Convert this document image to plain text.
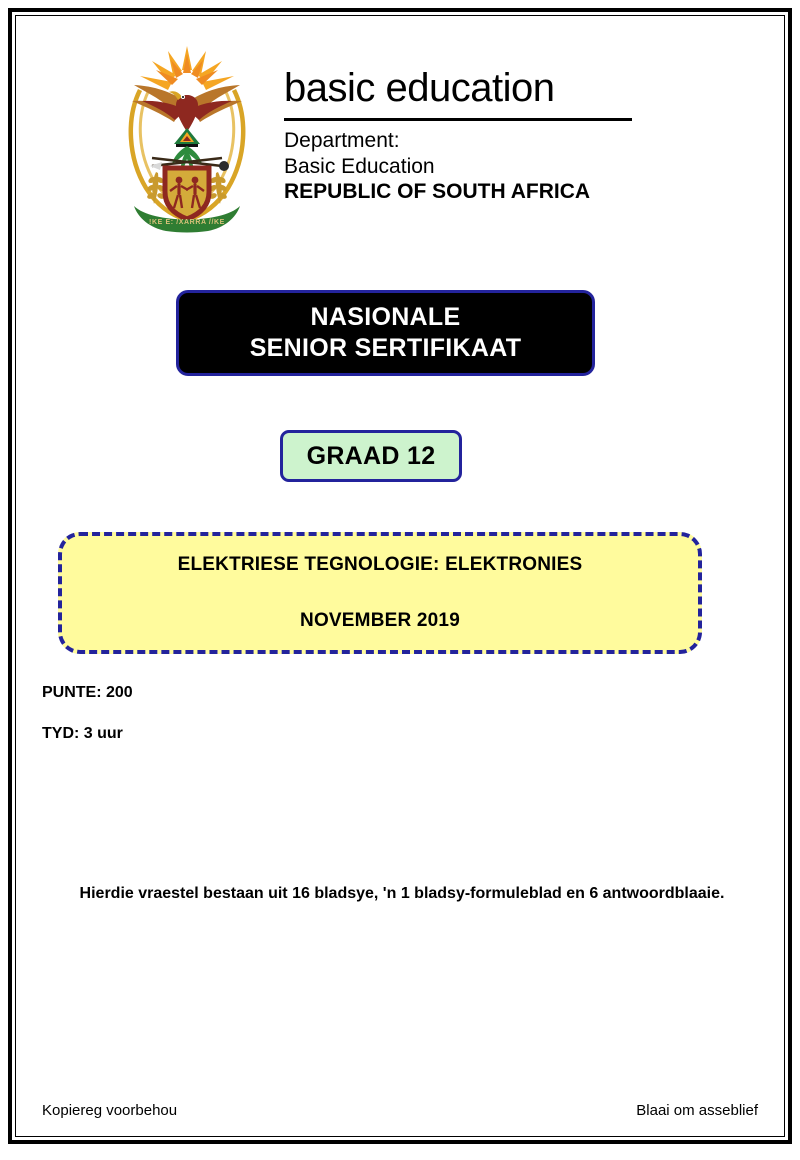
!KE E: /XARRA //KE
basic education
Department:
Basic Education
REPUBLIC OF SOUTH AFRICA
NASIONALE
SENIOR SERTIFIKAAT
GRAAD 12
ELEKTRIESE TEGNOLOGIE: ELEKTRONIES
NOVEMBER 2019
PUNTE: 200
TYD: 3 uur
Hierdie vraestel bestaan uit 16 bladsye, 'n 1 bladsy-formuleblad en 6 antwoordblaaie.
Kopiereg voorbehou	Blaai om asseblief
